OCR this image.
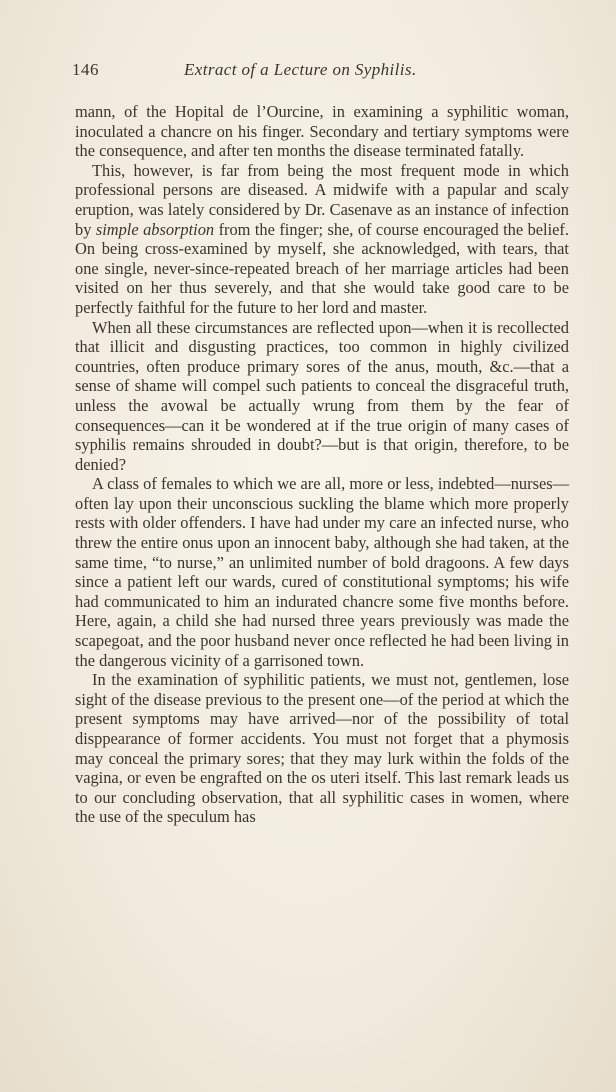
146	Extract of a Lecture on Syphilis.

mann, of the Hopital de l’Ourcine, in examining a syphilitic woman, inoculated a chancre on his finger. Secondary and tertiary symptoms were the consequence, and after ten months the disease terminated fatally.

This, however, is far from being the most frequent mode in which professional persons are diseased. A midwife with a papular and scaly eruption, was lately considered by Dr. Casenave as an instance of infection by simple absorption from the finger; she, of course encouraged the belief. On being cross-examined by myself, she acknowledged, with tears, that one single, never-since-repeated breach of her marriage articles had been visited on her thus severely, and that she would take good care to be perfectly faithful for the future to her lord and master.

When all these circumstances are reflected upon—when it is recollected that illicit and disgusting practices, too common in highly civilized countries, often produce primary sores of the anus, mouth, &c.—that a sense of shame will compel such patients to conceal the disgraceful truth, unless the avowal be actually wrung from them by the fear of consequences—can it be wondered at if the true origin of many cases of syphilis remains shrouded in doubt?—but is that origin, therefore, to be denied?

A class of females to which we are all, more or less, indebted—nurses—often lay upon their unconscious suckling the blame which more properly rests with older offenders. I have had under my care an infected nurse, who threw the entire onus upon an innocent baby, although she had taken, at the same time, “to nurse,” an unlimited number of bold dragoons. A few days since a patient left our wards, cured of constitutional symptoms; his wife had communicated to him an indurated chancre some five months before. Here, again, a child she had nursed three years previously was made the scapegoat, and the poor husband never once reflected he had been living in the dangerous vicinity of a garrisoned town.

In the examination of syphilitic patients, we must not, gentlemen, lose sight of the disease previous to the present one—of the period at which the present symptoms may have arrived—nor of the possibility of total disppearance of former accidents. You must not forget that a phymosis may conceal the primary sores; that they may lurk within the folds of the vagina, or even be engrafted on the os uteri itself. This last remark leads us to our concluding observation, that all syphilitic cases in women, where the use of the speculum has
